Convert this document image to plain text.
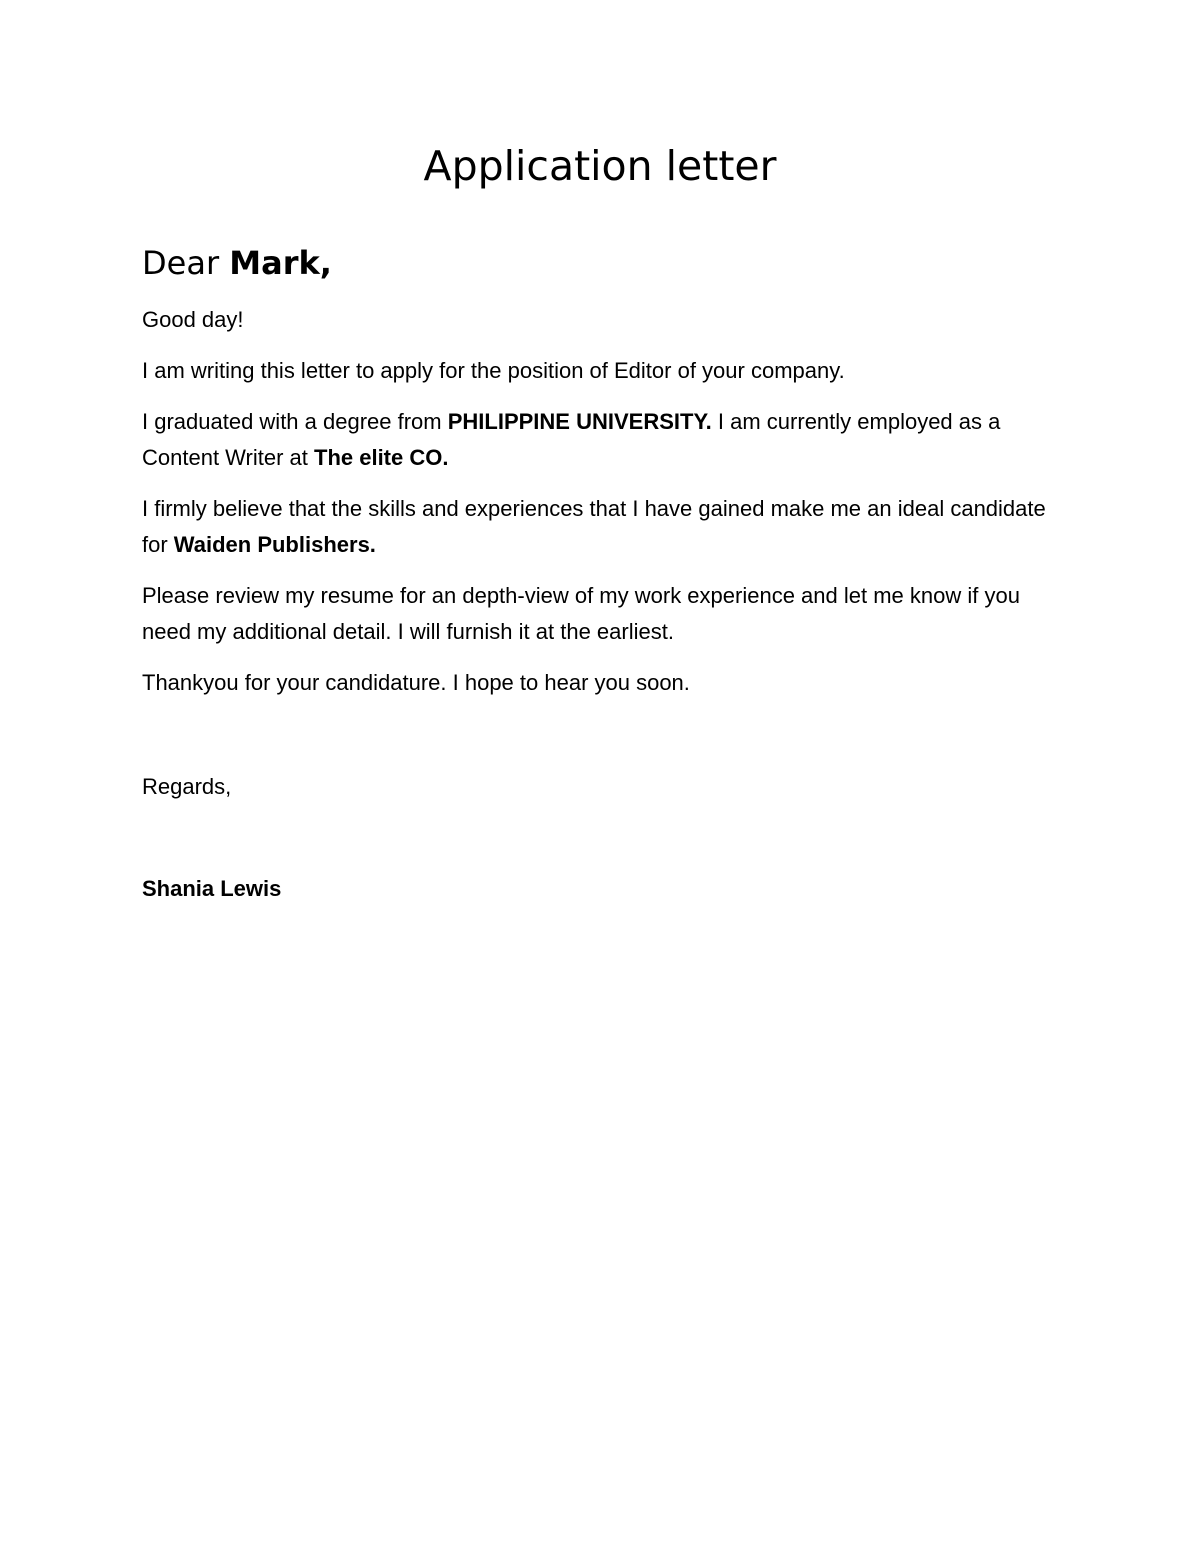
Application letter

Dear Mark,

Good day!

I am writing this letter to apply for the position of Editor of your company.

I graduated with a degree from PHILIPPINE UNIVERSITY. I am currently employed as a Content Writer at The elite CO.

I firmly believe that the skills and experiences that I have gained make me an ideal candidate for Waiden Publishers.

Please review my resume for an depth-view of my work experience and let me know if you need my additional detail. I will furnish it at the earliest.

Thankyou for your candidature. I hope to hear you soon.

Regards,

Shania Lewis
